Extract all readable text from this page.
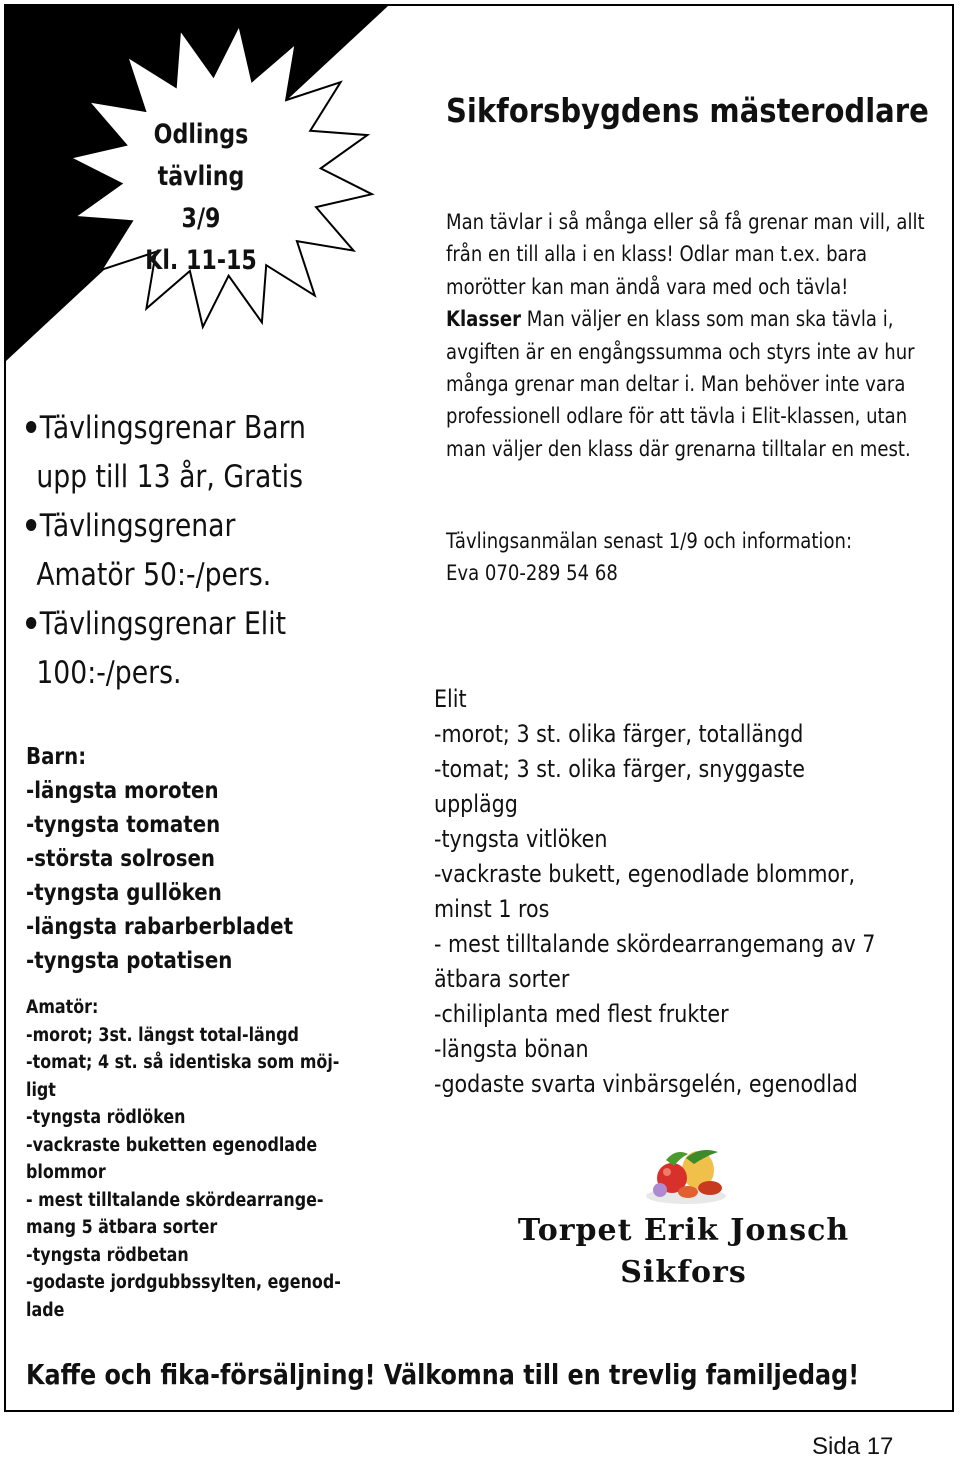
Odlings
tävling
3/9
Kl. 11-15
Sikforsbygdens mästerodlare
Man tävlar i så många eller så få grenar man vill, allt från en till alla i en klass! Odlar man t.ex. bara morötter kan man ändå vara med och tävla! Klasser Man väljer en klass som man ska tävla i, avgiften är en engångssumma och styrs inte av hur många grenar man deltar i. Man behöver inte vara professionell odlare för att tävla i Elit-klassen, utan man väljer den klass där grenarna tilltalar en mest.
Tävlingsanmälan senast 1/9 och information:
Eva 070-289 54 68
Tävlingsgrenar Barn
upp till 13 år, Gratis
Tävlingsgrenar
Amatör 50:-/pers.
Tävlingsgrenar Elit
100:-/pers.
Barn:
-längsta moroten
-tyngsta tomaten
-största solrosen
-tyngsta gullöken
-längsta rabarberbladet
-tyngsta potatisen
Amatör:
-morot; 3st. längst total-längd
-tomat; 4 st. så identiska som möj-
ligt
-tyngsta rödlöken
-vackraste buketten egenodlade
blommor
- mest tilltalande skördearrange-
mang 5 ätbara sorter
-tyngsta rödbetan
-godaste jordgubbssylten, egenod-
lade
Elit
-morot; 3 st. olika färger, totallängd
-tomat; 3 st. olika färger, snyggaste
upplägg
-tyngsta vitlöken
-vackraste bukett, egenodlade blommor,
minst 1 ros
- mest tilltalande skördearrangemang av 7
ätbara sorter
-chiliplanta med flest frukter
-längsta bönan
-godaste svarta vinbärsgelén, egenodlad
Torpet Erik Jonsch
Sikfors
Kaffe och fika-försäljning! Välkomna till en trevlig familjedag!
Sida 17
